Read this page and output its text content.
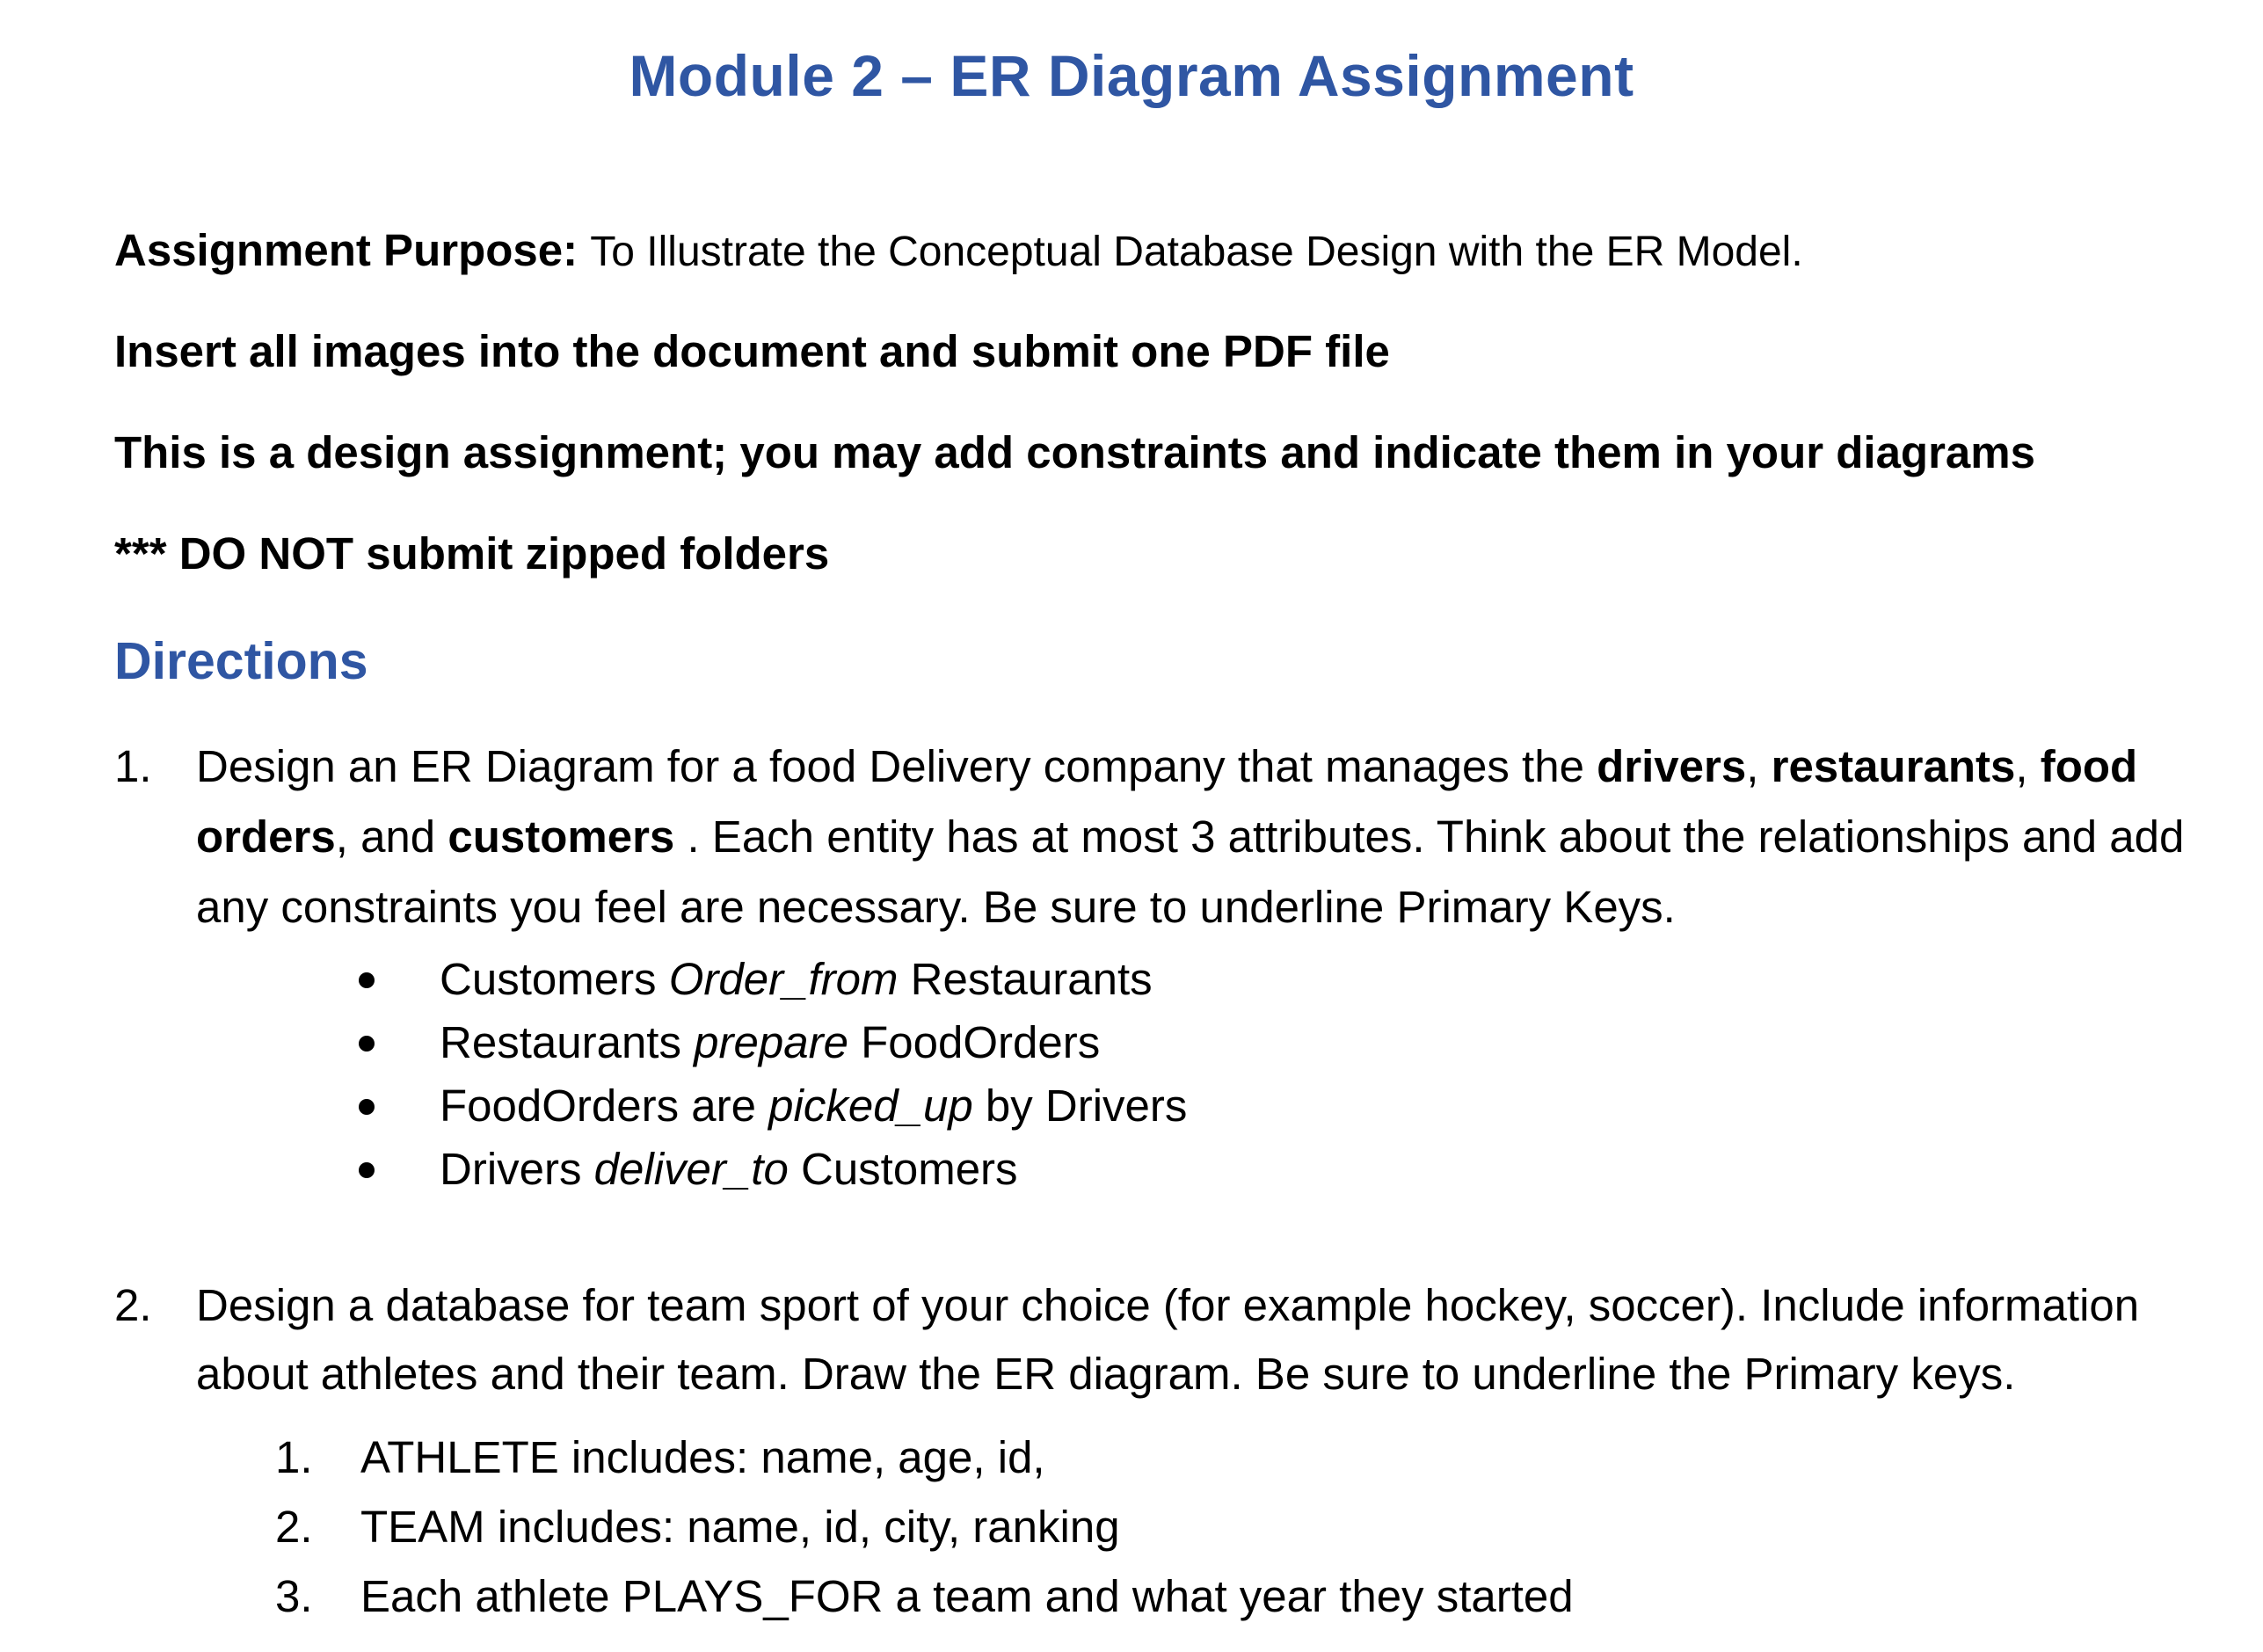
Module 2 – ER Diagram Assignment

Assignment Purpose: To Illustrate the Conceptual Database Design with the ER Model.

Insert all images into the document and submit one PDF file

This is a design assignment; you may add constraints and indicate them in your diagrams

*** DO NOT submit zipped folders

Directions
1. Design an ER Diagram for a food Delivery company that manages the drivers, restaurants, food orders, and customers . Each entity has at most 3 attributes. Think about the relationships and add any constraints you feel are necessary. Be sure to underline Primary Keys.
Customers Order_from Restaurants
Restaurants prepare FoodOrders
FoodOrders are picked_up by Drivers
Drivers deliver_to Customers
2. Design a database for team sport of your choice (for example hockey, soccer). Include information about athletes and their team. Draw the ER diagram. Be sure to underline the Primary keys.
1. ATHLETE includes: name, age, id,
2. TEAM includes: name, id, city, ranking
3. Each athlete PLAYS_FOR a team and what year they started
